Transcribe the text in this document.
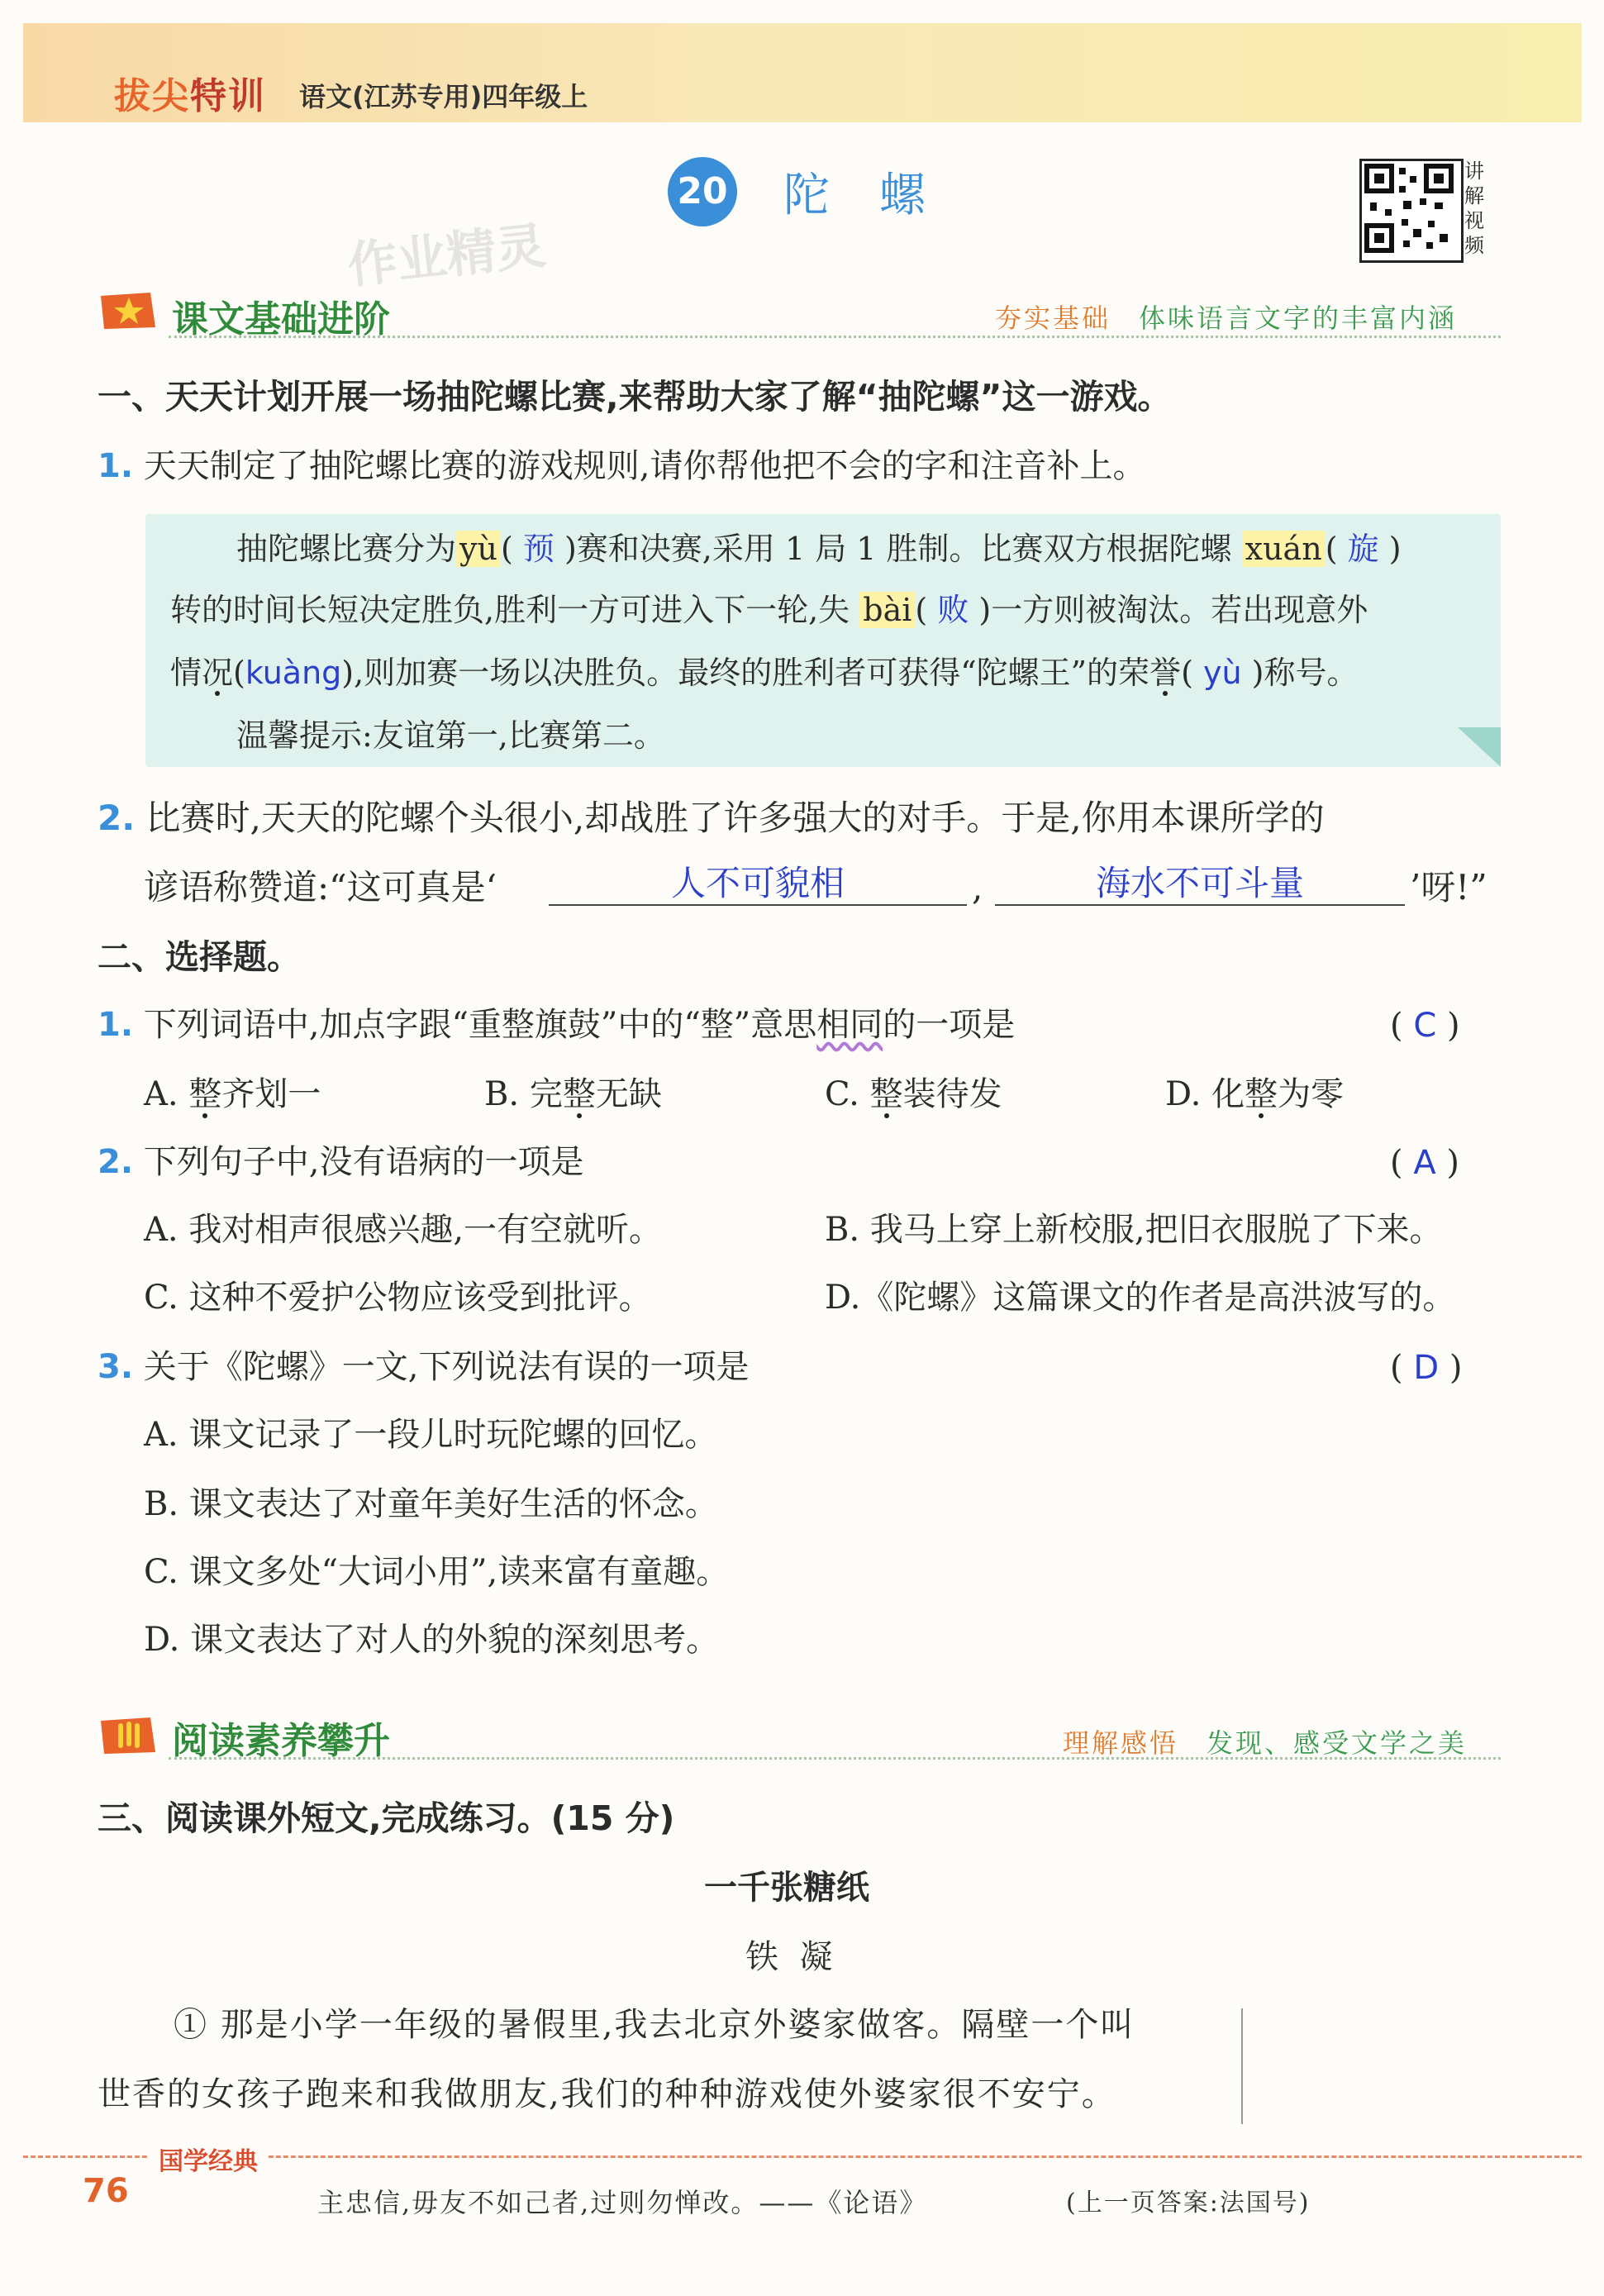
拔尖特训 语文(江苏专用)四年级上
20 陀螺	讲解视频
作业精灵
课文基础进阶	夯实基础 体味语言文字的丰富内涵
一、天天计划开展一场抽陀螺比赛,来帮助大家了解“抽陀螺”这一游戏。
1. 天天制定了抽陀螺比赛的游戏规则,请你帮他把不会的字和注音补上。
抽陀螺比赛分为 yù ( 预 )赛和决赛,采用 1 局 1 胜制。比赛双方根据陀螺 xuán ( 旋 )
转的时间长短决定胜负,胜利一方可进入下一轮,失 bài ( 败 )一方则被淘汰。若出现意外
情况(kuàng),则加赛一场以决胜负。最终的胜利者可获得“陀螺王”的荣誉( yù )称号。
温馨提示:友谊第一,比赛第二。
2. 比赛时,天天的陀螺个头很小,却战胜了许多强大的对手。于是,你用本课所学的
谚语称赞道:“这可真是‘	人不可貌相	,	海水不可斗量	’呀!”
二、选择题。
1. 下列词语中,加点字跟“重整旗鼓”中的“整”意思相同的一项是	( C )
A. 整齐划一	B. 完整无缺	C. 整装待发	D. 化整为零
2. 下列句子中,没有语病的一项是	( A )
A. 我对相声很感兴趣,一有空就听。	B. 我马上穿上新校服,把旧衣服脱了下来。
C. 这种不爱护公物应该受到批评。	D.《陀螺》这篇课文的作者是高洪波写的。
3. 关于《陀螺》一文,下列说法有误的一项是	( D )
A. 课文记录了一段儿时玩陀螺的回忆。
B. 课文表达了对童年美好生活的怀念。
C. 课文多处“大词小用”,读来富有童趣。
D. 课文表达了对人的外貌的深刻思考。
阅读素养攀升	理解感悟 发现、感受文学之美
三、阅读课外短文,完成练习。(15 分)
一千张糖纸
铁  凝
① 那是小学一年级的暑假里,我去北京外婆家做客。隔壁一个叫
世香的女孩子跑来和我做朋友,我们的种种游戏使外婆家很不安宁。
国学经典
76	主忠信,毋友不如己者,过则勿惮改。——《论语》	(上一页答案:法国号)
